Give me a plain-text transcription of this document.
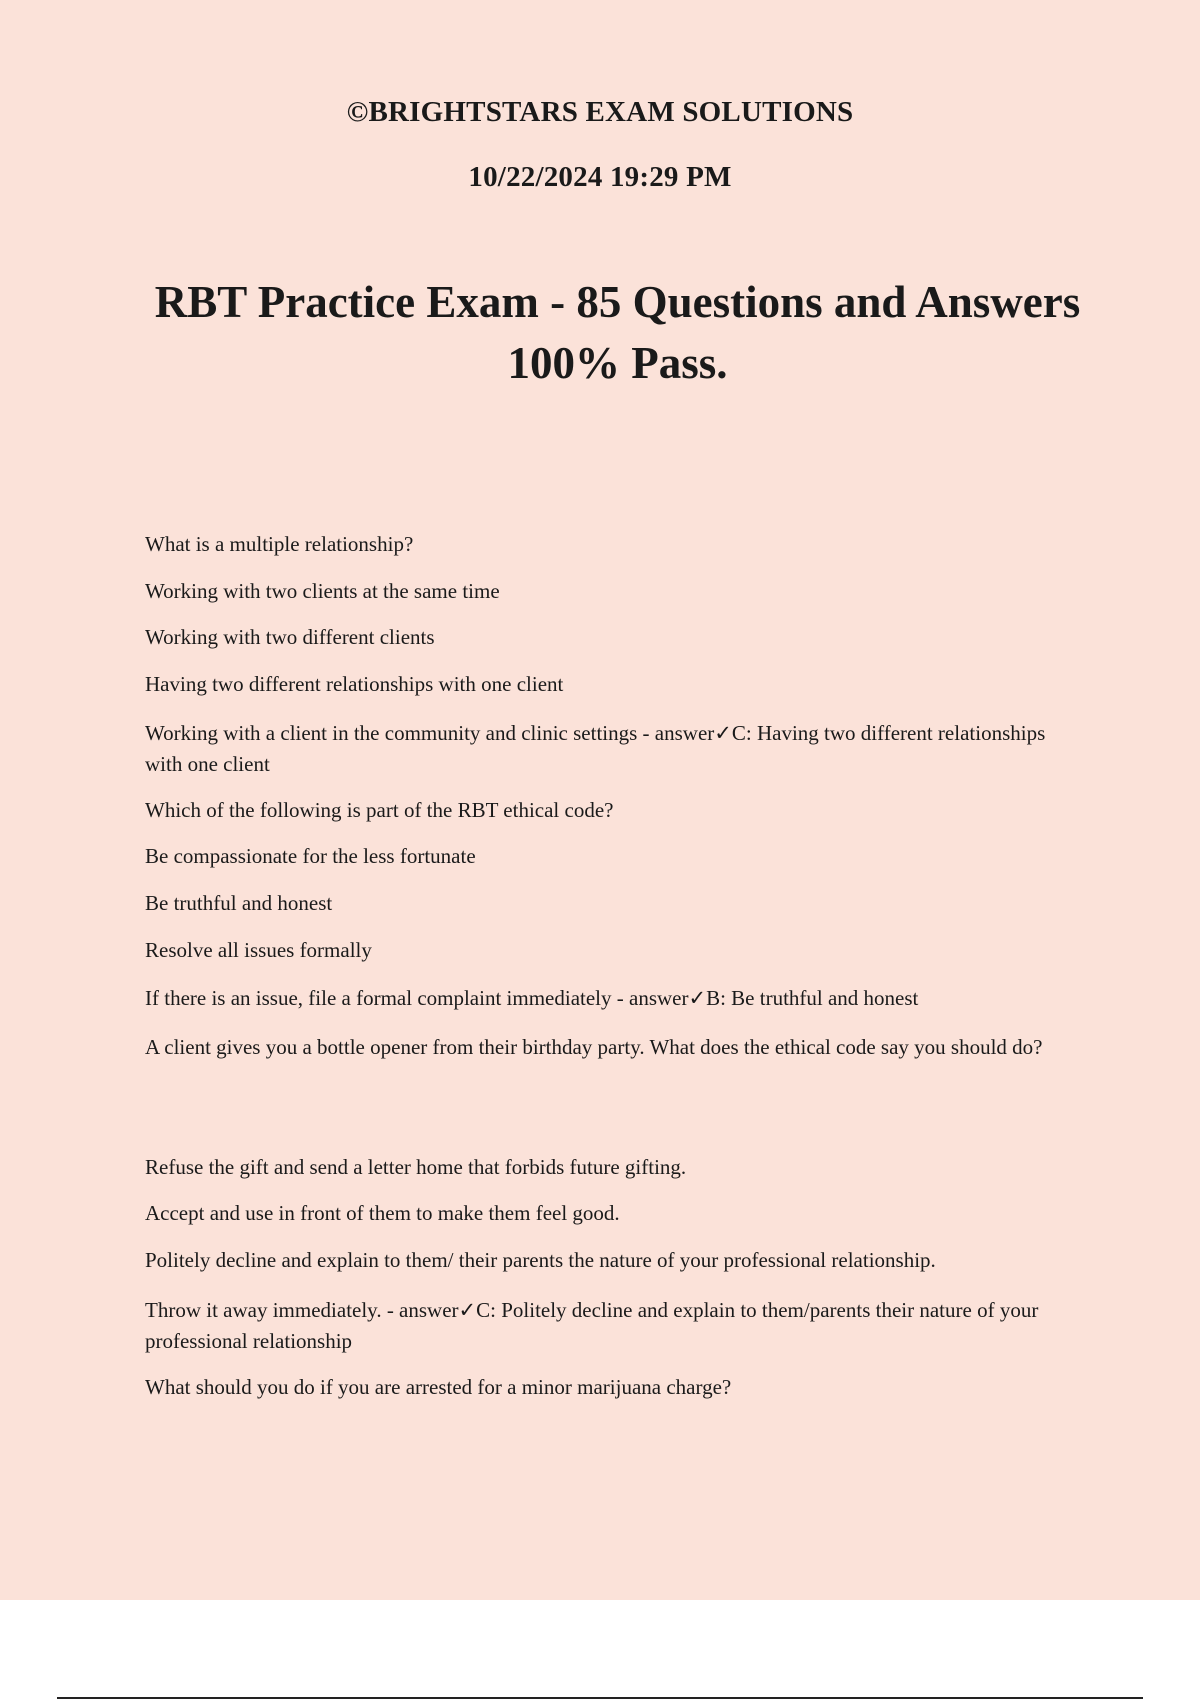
©BRIGHTSTARS EXAM SOLUTIONS
10/22/2024 19:29 PM
RBT Practice Exam - 85 Questions and Answers 100% Pass.
What is a multiple relationship?
Working with two clients at the same time
Working with two different clients
Having two different relationships with one client
Working with a client in the community and clinic settings - answer✓C: Having two different relationships with one client
Which of the following is part of the RBT ethical code?
Be compassionate for the less fortunate
Be truthful and honest
Resolve all issues formally
If there is an issue, file a formal complaint immediately - answer✓B: Be truthful and honest
A client gives you a bottle opener from their birthday party. What does the ethical code say you should do?
Refuse the gift and send a letter home that forbids future gifting.
Accept and use in front of them to make them feel good.
Politely decline and explain to them/ their parents the nature of your professional relationship.
Throw it away immediately. - answer✓C: Politely decline and explain to them/parents their nature of your professional relationship
What should you do if you are arrested for a minor marijuana charge?
